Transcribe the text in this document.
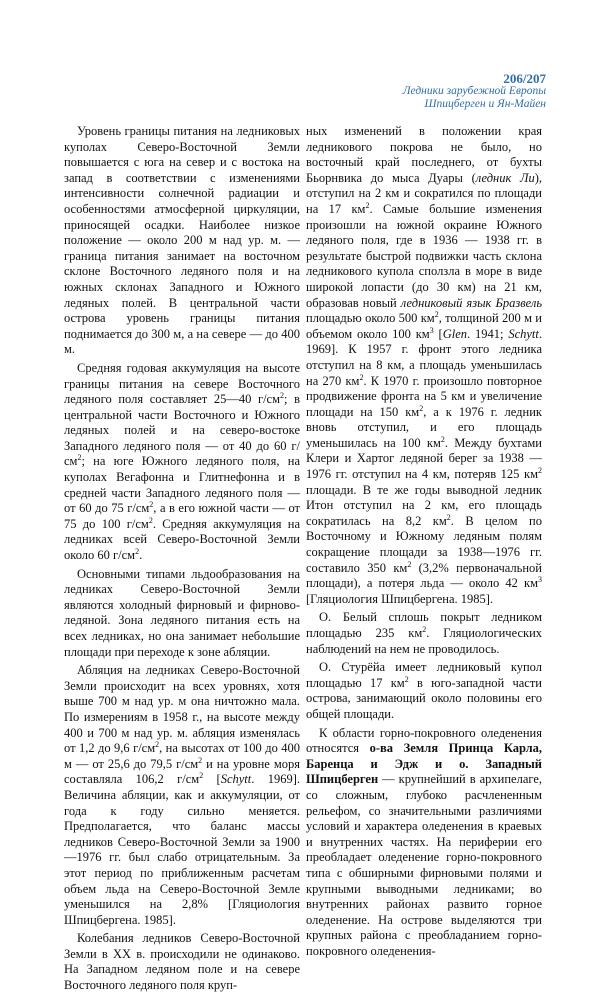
206/207
Ледники зарубежной Европы
Шпицберген и Ян-Майен

Уровень границы питания на ледниковых куполах Северо-Восточной Земли повышается с юга на север и с востока на запад в соответствии с изменениями интенсивности солнечной радиации и особенностями атмосферной циркуляции, приносящей осадки. Наиболее низкое положение — около 200 м над ур. м. — граница питания занимает на восточном склоне Восточного ледяного поля и на южных склонах Западного и Южного ледяных полей. В центральной части острова уровень границы питания поднимается до 300 м, а на севере — до 400 м.

Средняя годовая аккумуляция на высоте границы питания на севере Восточного ледяного поля составляет 25—40 $г/см^2$; в центральной части Восточного и Южного ледяных полей и на северо-востоке Западного ледяного поля — от 40 до 60 $г/см^2$; на юге Южного ледяного поля, на куполах Вегафонна и Глитнефонна и в средней части Западного ледяного поля — от 60 до 75 $г/см^2$, а в его южной части — от 75 до 100 $г/см^2$. Средняя аккумуляция на ледниках всей Северо-Восточной Земли около 60 $г/см^2$.

Основными типами льдообразования на ледниках Северо-Восточной Земли являются холодный фирновый и фирново-ледяной. Зона ледяного питания есть на всех ледниках, но она занимает небольшие площади при переходе к зоне абляции.

Абляция на ледниках Северо-Восточной Земли происходит на всех уровнях, хотя выше 700 м над ур. м она ничтожно мала. По измерениям в 1958 г., на высоте между 400 и 700 м над ур. м. абляция изменялась от 1,2 до 9,6 $г/см^2$, на высотах от 100 до 400 м — от 25,6 до 79,5 $г/см^2$ и на уровне моря составляла 106,2 $г/см^2$ [Schytt. 1969]. Величина абляции, как и аккумуляции, от года к году сильно меняется. Предполагается, что баланс массы ледников Северо-Восточной Земли за 1900—1976 гг. был слабо отрицательным. За этот период по приближенным расчетам объем льда на Северо-Восточной Земле уменьшился на 2,8% [Гляциология Шпицбергена. 1985].

Колебания ледников Северо-Восточной Земли в XX в. происходили не одинаково. На Западном ледяном поле и на севере Восточного ледяного поля круп-

ных изменений в положении края ледникового покрова не было, но восточный край последнего, от бухты Бьорнвика до мыса Дуары (ледник Ли), отступил на 2 км и сократился по площади на 17 $км^2$. Самые большие изменения произошли на южной окраине Южного ледяного поля, где в 1936 — 1938 гг. в результате быстрой подвижки часть склона ледникового купола сползла в море в виде широкой лопасти (до 30 км) на 21 км, образовав новый ледниковый язык Бразвель площадью около 500 $км^2$, толщиной 200 м и объемом около 100 $км^3$ [Glen. 1941; Schytt. 1969]. К 1957 г. фронт этого ледника отступил на 8 км, а площадь уменьшилась на 270 $км^2$. К 1970 г. произошло повторное продвижение фронта на 5 км и увеличение площади на 150 $км^2$, а к 1976 г. ледник вновь отступил, и его площадь уменьшилась на 100 $км^2$. Между бухтами Клери и Хартог ледяной берег за 1938 — 1976 гг. отступил на 4 км, потеряв 125 $км^2$ площади. В те же годы выводной ледник Итон отступил на 2 км, его площадь сократилась на 8,2 $км^2$. В целом по Восточному и Южному ледяным полям сокращение площади за 1938—1976 гг. составило 350 $км^2$ (3,2% первоначальной площади), а потеря льда — около 42 $км^3$ [Гляциология Шпицбергена. 1985].

О. Белый сплошь покрыт ледником площадью 235 $км^2$. Гляциологических наблюдений на нем не проводилось.

О. Стурёйа имеет ледниковый купол площадью 17 $км^2$ в юго-западной части острова, занимающий около половины его общей площади.

К области горно-покровного оледенения относятся о-ва Земля Принца Карла, Баренца и Эдж и о. Западный Шпицберген — крупнейший в архипелаге, со сложным, глубоко расчлененным рельефом, со значительными различиями условий и характера оледенения в краевых и внутренних частях. На периферии его преобладает оледенение горно-покровного типа с обширными фирновыми полями и крупными выводными ледниками; во внутренних районах развито горное оледенение. На острове выделяются три крупных района с преобладанием горно-покровного оледенения-
